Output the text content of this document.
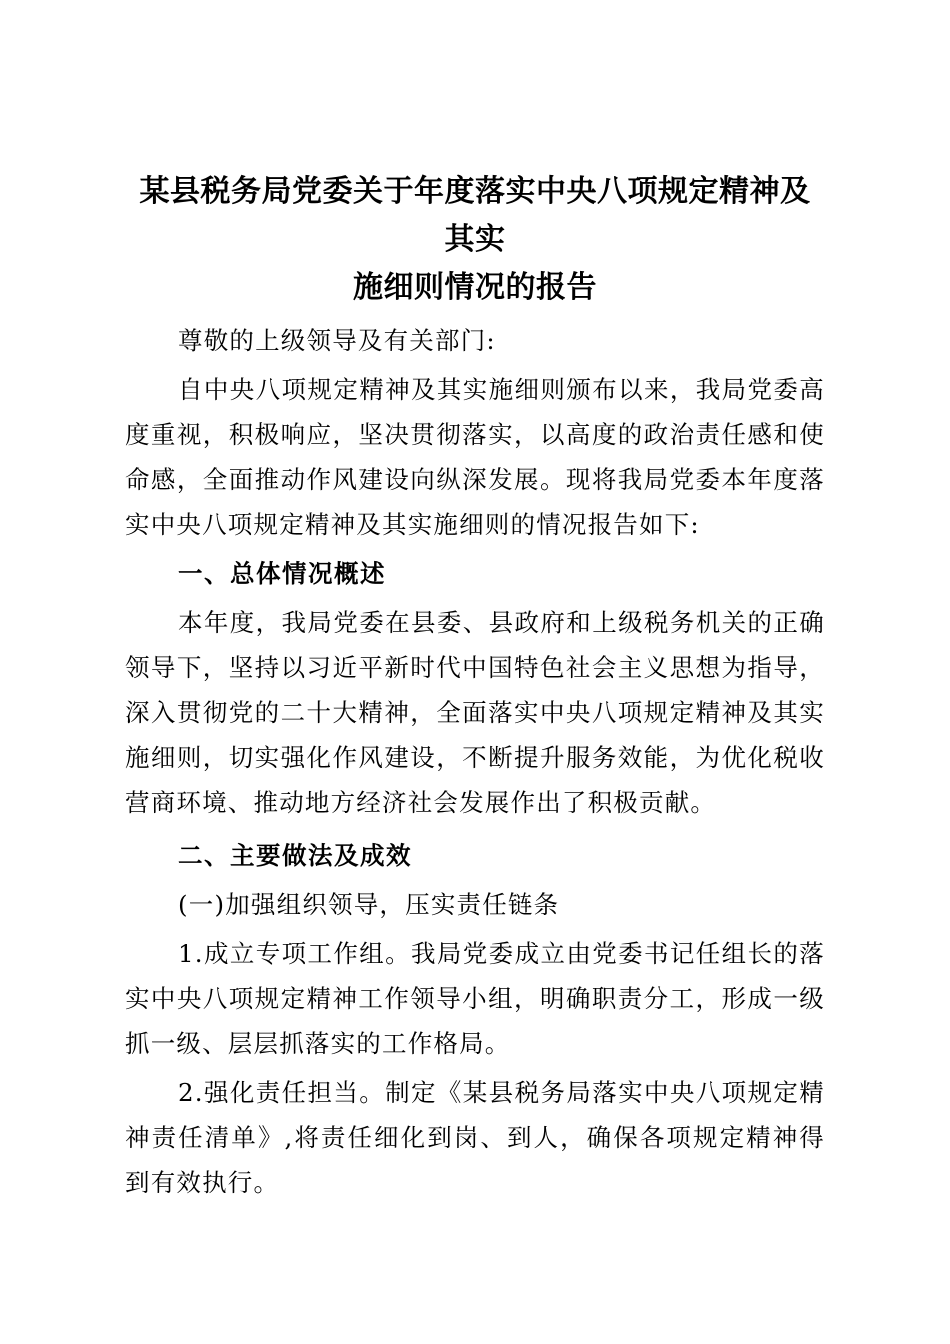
某县税务局党委关于年度落实中央八项规定精神及其实
施细则情况的报告

尊敬的上级领导及有关部门:

自中央八项规定精神及其实施细则颁布以来，我局党委高度重视，积极响应，坚决贯彻落实，以高度的政治责任感和使命感，全面推动作风建设向纵深发展。现将我局党委本年度落实中央八项规定精神及其实施细则的情况报告如下:

一、总体情况概述

本年度，我局党委在县委、县政府和上级税务机关的正确领导下，坚持以习近平新时代中国特色社会主义思想为指导，深入贯彻党的二十大精神，全面落实中央八项规定精神及其实施细则，切实强化作风建设，不断提升服务效能，为优化税收营商环境、推动地方经济社会发展作出了积极贡献。

二、主要做法及成效

(一)加强组织领导，压实责任链条

1.成立专项工作组。我局党委成立由党委书记任组长的落实中央八项规定精神工作领导小组，明确职责分工，形成一级抓一级、层层抓落实的工作格局。

2.强化责任担当。制定《某县税务局落实中央八项规定精神责任清单》,将责任细化到岗、到人，确保各项规定精神得到有效执行。
